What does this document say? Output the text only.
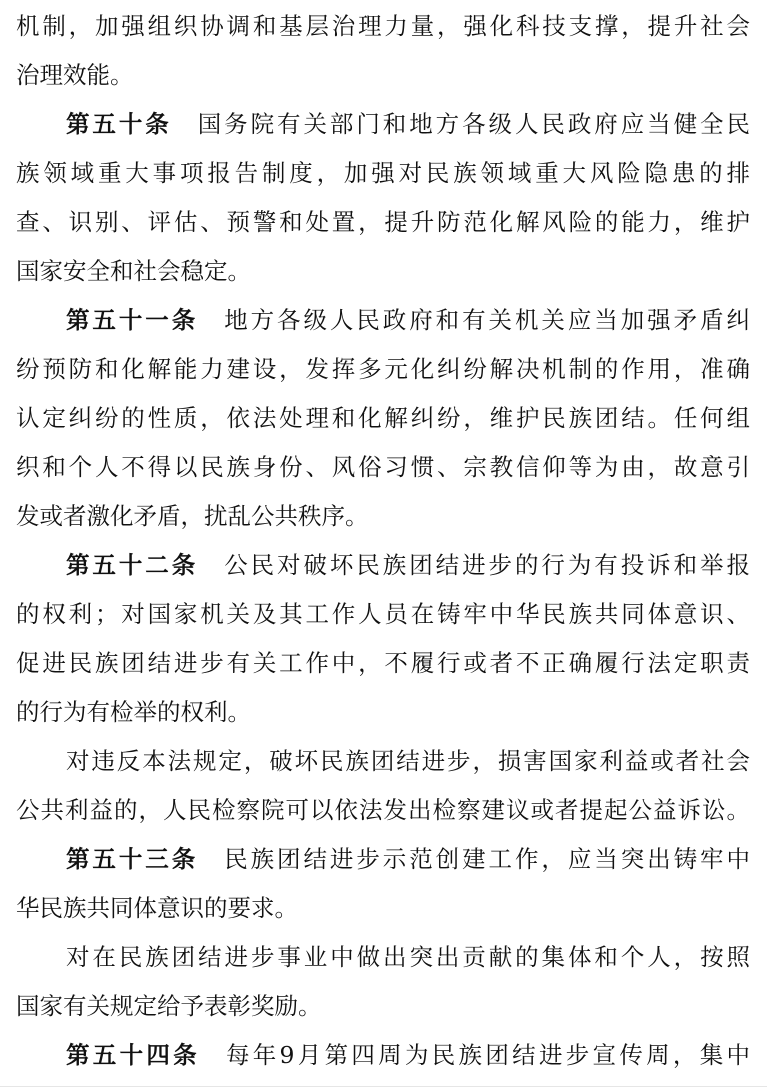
机制，加强组织协调和基层治理力量，强化科技支撑，提升社会
治理效能。
第五十条 国务院有关部门和地方各级人民政府应当健全民
族领域重大事项报告制度，加强对民族领域重大风险隐患的排
查、识别、评估、预警和处置，提升防范化解风险的能力，维护
国家安全和社会稳定。
第五十一条 地方各级人民政府和有关机关应当加强矛盾纠
纷预防和化解能力建设，发挥多元化纠纷解决机制的作用，准确
认定纠纷的性质，依法处理和化解纠纷，维护民族团结。任何组
织和个人不得以民族身份、风俗习惯、宗教信仰等为由，故意引
发或者激化矛盾，扰乱公共秩序。
第五十二条 公民对破坏民族团结进步的行为有投诉和举报
的权利；对国家机关及其工作人员在铸牢中华民族共同体意识、
促进民族团结进步有关工作中，不履行或者不正确履行法定职责
的行为有检举的权利。
对违反本法规定，破坏民族团结进步，损害国家利益或者社会
公共利益的，人民检察院可以依法发出检察建议或者提起公益诉讼。
第五十三条 民族团结进步示范创建工作，应当突出铸牢中
华民族共同体意识的要求。
对在民族团结进步事业中做出突出贡献的集体和个人，按照
国家有关规定给予表彰奖励。
第五十四条 每年9月第四周为民族团结进步宣传周，集中
